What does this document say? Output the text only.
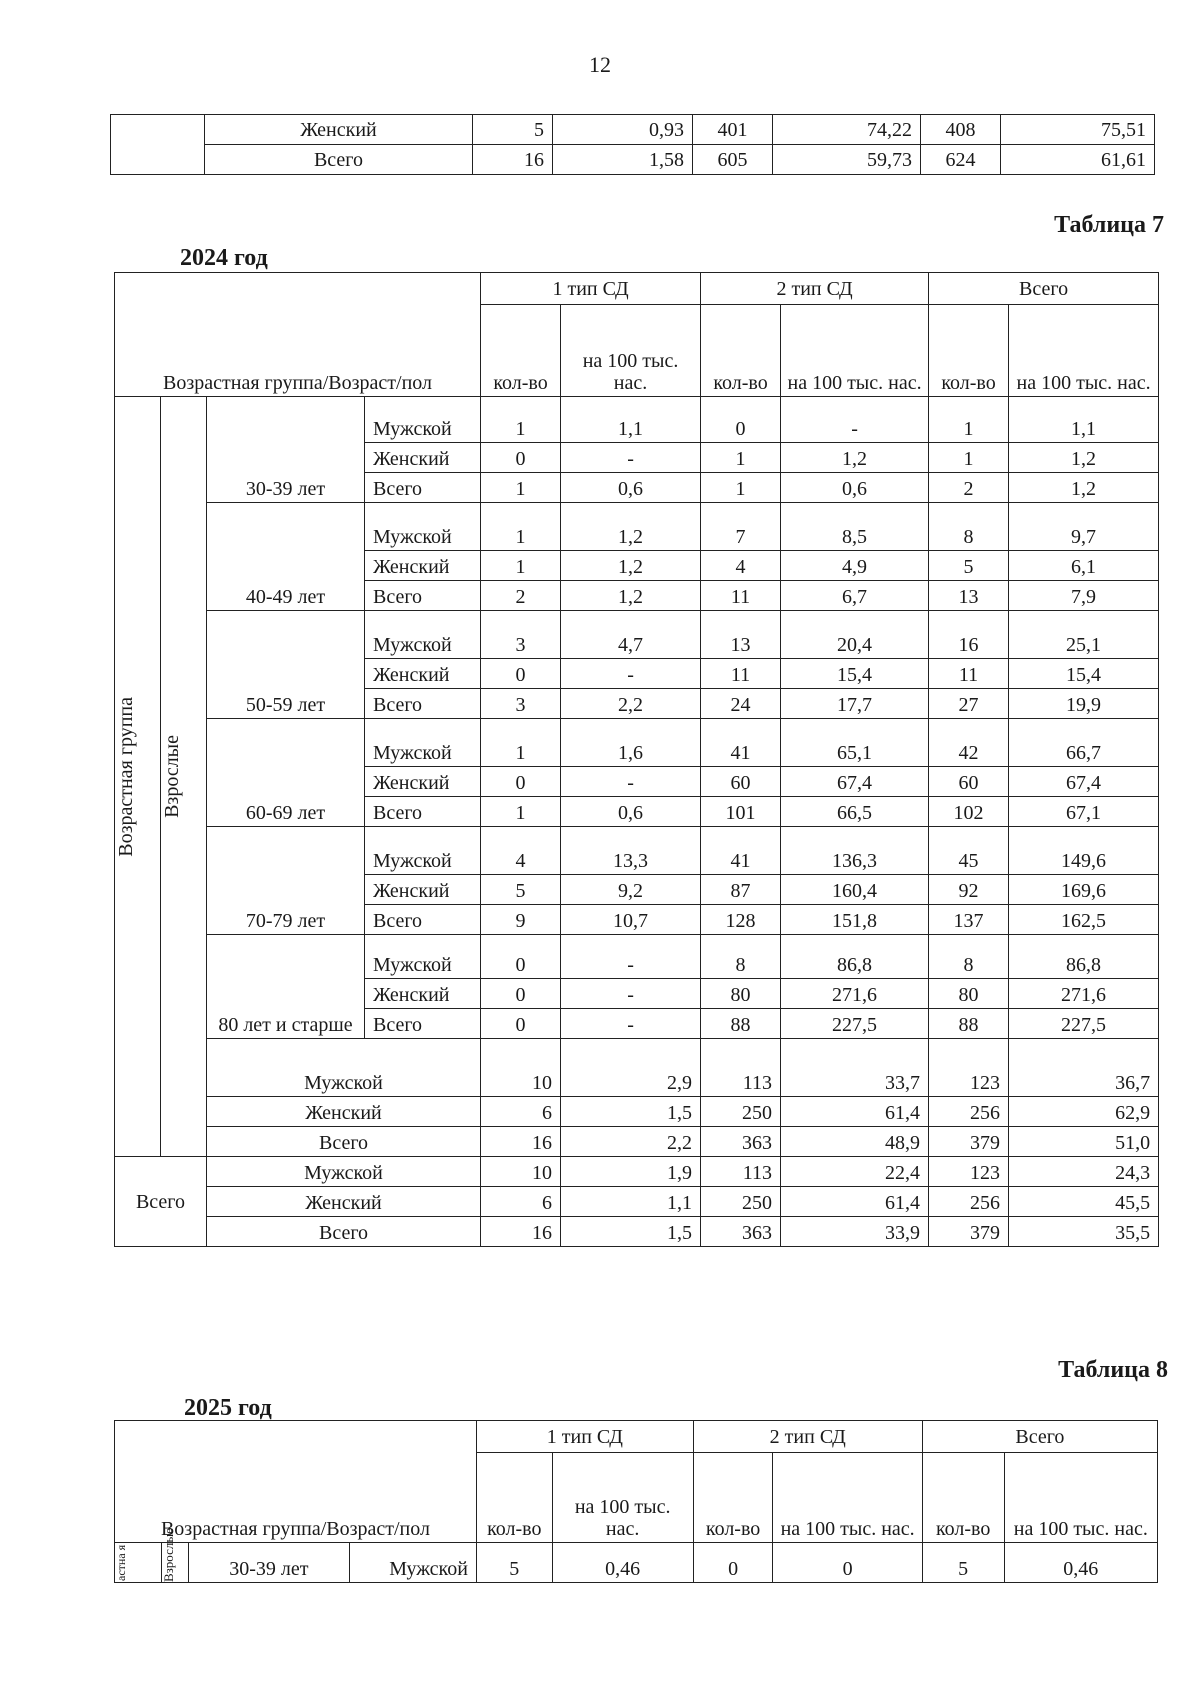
12
	Женский	5	0,93	401	74,22	408	75,51
	Всего	16	1,58	605	59,73	624	61,61
Таблица 7
2024 год
Возрастная группа/Возраст/пол				1 тип СД		2 тип СД		Всего	
				кол-во	на 100 тыс. нас.	кол-во	на 100 тыс. нас.	кол-во	на 100 тыс. нас.

Возрастная группа	Взрослые	30-39 лет	Мужской	1	1,1	0	-	1	1,1
			Женский	0	-	1	1,2	1	1,2
			Всего	1	0,6	1	0,6	2	1,2
		40-49 лет	Мужской	1	1,2	7	8,5	8	9,7
			Женский	1	1,2	4	4,9	5	6,1
			Всего	2	1,2	11	6,7	13	7,9
		50-59 лет	Мужской	3	4,7	13	20,4	16	25,1
			Женский	0	-	11	15,4	11	15,4
			Всего	3	2,2	24	17,7	27	19,9
		60-69 лет	Мужской	1	1,6	41	65,1	42	66,7
			Женский	0	-	60	67,4	60	67,4
			Всего	1	0,6	101	66,5	102	67,1
		70-79 лет	Мужской	4	13,3	41	136,3	45	149,6
			Женский	5	9,2	87	160,4	92	169,6
			Всего	9	10,7	128	151,8	137	162,5
		80 лет и старше	Мужской	0	-	8	86,8	8	86,8
			Женский	0	-	80	271,6	80	271,6
			Всего	0	-	88	227,5	88	227,5
		Мужской		10	2,9	113	33,7	123	36,7
		Женский		6	1,5	250	61,4	256	62,9
		Всего		16	2,2	363	48,9	379	51,0
Всего		Мужской		10	1,9	113	22,4	123	24,3
		Женский		6	1,1	250	61,4	256	45,5
		Всего		16	1,5	363	33,9	379	35,5
Таблица 8
2025 год
Возрастная группа/Возраст/пол				1 тип СД		2 тип СД		Всего	
				кол-во	на 100 тыс. нас.	кол-во	на 100 тыс. нас.	кол-во	на 100 тыс. нас.

астна я	Взрослые	30-39 лет	Мужской	5	0,46	0	0	5	0,46
